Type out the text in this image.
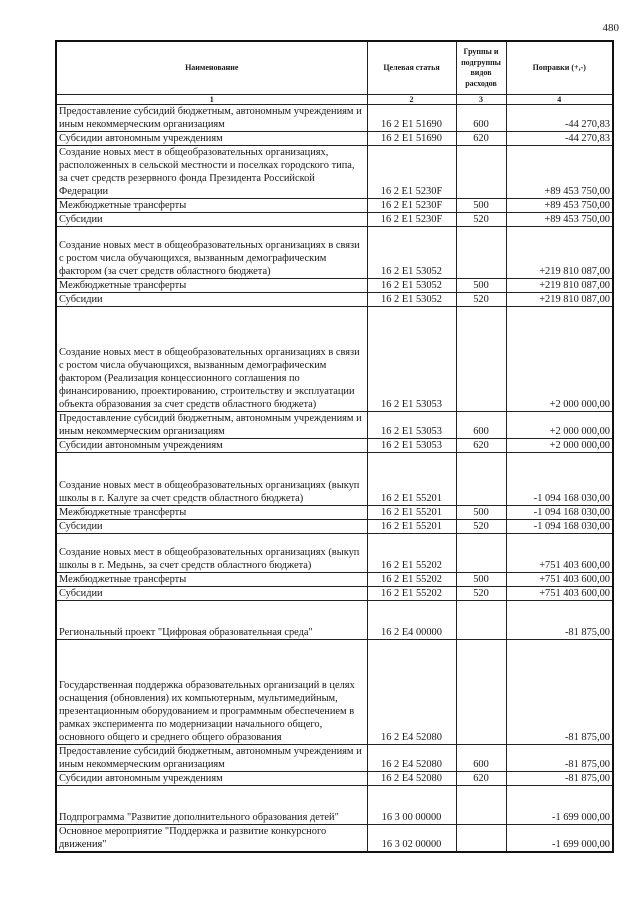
480
Наименование	Целевая статья	Группы и подгруппы видов расходов	Поправки (+,-)
1	2	3	4
Предоставление субсидий бюджетным, автономным учреждениям и иным некоммерческим организациям	16 2 E1 51690	600	-44 270,83
Субсидии автономным учреждениям	16 2 E1 51690	620	-44 270,83
Создание новых мест в общеобразовательных организациях, расположенных в сельской местности и поселках городского типа, за счет средств резервного фонда Президента Российской Федерации	16 2 E1 5230F		+89 453 750,00
Межбюджетные трансферты	16 2 E1 5230F	500	+89 453 750,00
Субсидии	16 2 E1 5230F	520	+89 453 750,00
Создание новых мест в общеобразовательных организациях в связи с ростом числа обучающихся, вызванным демографическим фактором (за счет средств областного бюджета)	16 2 E1 53052		+219 810 087,00
Межбюджетные трансферты	16 2 E1 53052	500	+219 810 087,00
Субсидии	16 2 E1 53052	520	+219 810 087,00
Создание новых мест в общеобразовательных организациях в связи с ростом числа обучающихся, вызванным демографическим фактором (Реализация концессионного соглашения по финансированию, проектированию, строительству и эксплуатации объекта образования за счет средств областного бюджета)	16 2 E1 53053		+2 000 000,00
Предоставление субсидий бюджетным, автономным учреждениям и иным некоммерческим организациям	16 2 E1 53053	600	+2 000 000,00
Субсидии автономным учреждениям	16 2 E1 53053	620	+2 000 000,00
Создание новых мест в общеобразовательных организациях (выкуп школы в г. Калуге за счет средств областного бюджета)	16 2 E1 55201		-1 094 168 030,00
Межбюджетные трансферты	16 2 E1 55201	500	-1 094 168 030,00
Субсидии	16 2 E1 55201	520	-1 094 168 030,00
Создание новых мест в общеобразовательных организациях (выкуп школы в г. Медынь, за счет средств областного бюджета)	16 2 E1 55202		+751 403 600,00
Межбюджетные трансферты	16 2 E1 55202	500	+751 403 600,00
Субсидии	16 2 E1 55202	520	+751 403 600,00
Региональный проект "Цифровая образовательная среда"	16 2 E4 00000		-81 875,00
Государственная поддержка образовательных организаций в целях оснащения (обновления) их компьютерным, мультимедийным, презентационным оборудованием и программным обеспечением в рамках эксперимента по модернизации начального общего, основного общего и среднего общего образования	16 2 E4 52080		-81 875,00
Предоставление субсидий бюджетным, автономным учреждениям и иным некоммерческим организациям	16 2 E4 52080	600	-81 875,00
Субсидии автономным учреждениям	16 2 E4 52080	620	-81 875,00
Подпрограмма "Развитие дополнительного образования детей"	16 3 00 00000		-1 699 000,00
Основное мероприятие "Поддержка и развитие конкурсного движения"	16 3 02 00000		-1 699 000,00
